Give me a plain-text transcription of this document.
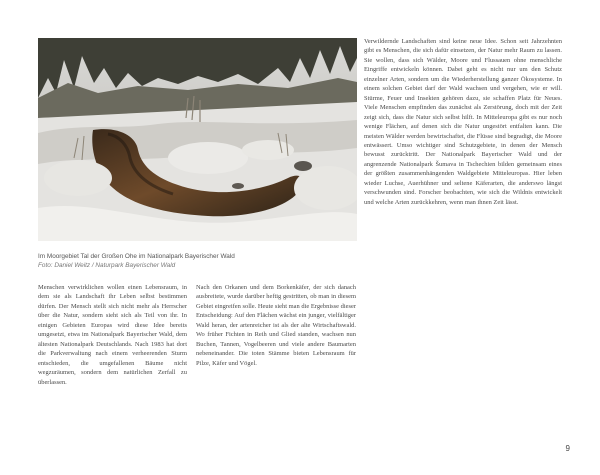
Im Moorgebiet Tal der Großen Ohe im Nationalpark Bayerischer Wald
Foto: Daniel Weitz / Naturpark Bayerischer Wald

Menschen verwirklichen wollen einen Lebensraum, in dem sie als Landschaft ihr Leben selbst bestimmen dürfen. Der Mensch stellt sich nicht mehr als Herrscher über die Natur, sondern sieht sich als Teil von ihr. In einigen Gebieten Europas wird diese Idee bereits umgesetzt, etwa im Nationalpark Bayerischer Wald, dem ältesten Nationalpark Deutschlands. Nach 1983 hat dort die Parkverwaltung nach einem verheerenden Sturm entschieden, die umgefallenen Bäume nicht wegzuräumen, sondern dem natürlichen Zerfall zu überlassen.

Nach den Orkanen und dem Borkenkäfer, der sich danach ausbreitete, wurde darüber heftig gestritten, ob man in diesem Gebiet eingreifen solle. Heute sieht man die Ergebnisse dieser Entscheidung: Auf den Flächen wächst ein junger, vielfältiger Wald heran, der artenreicher ist als der alte Wirtschaftswald. Wo früher Fichten in Reih und Glied standen, wachsen nun Buchen, Tannen, Vogelbeeren und viele andere Baumarten nebeneinander. Die toten Stämme bieten Lebensraum für Pilze, Käfer und Vögel.

Verwildernde Landschaften sind keine neue Idee. Schon seit Jahrzehnten gibt es Menschen, die sich dafür einsetzen, der Natur mehr Raum zu lassen. Sie wollen, dass sich Wälder, Moore und Flussauen ohne menschliche Eingriffe entwickeln können. Dabei geht es nicht nur um den Schutz einzelner Arten, sondern um die Wiederherstellung ganzer Ökosysteme. In einem solchen Gebiet darf der Wald wachsen und vergehen, wie er will. Stürme, Feuer und Insekten gehören dazu, sie schaffen Platz für Neues. Viele Menschen empfinden das zunächst als Zerstörung, doch mit der Zeit zeigt sich, dass die Natur sich selbst hilft. In Mitteleuropa gibt es nur noch wenige Flächen, auf denen sich die Natur ungestört entfalten kann. Die meisten Wälder werden bewirtschaftet, die Flüsse sind begradigt, die Moore entwässert. Umso wichtiger sind Schutzgebiete, in denen der Mensch bewusst zurücktritt. Der Nationalpark Bayerischer Wald und der angrenzende Nationalpark Šumava in Tschechien bilden gemeinsam eines der größten zusammenhängenden Waldgebiete Mitteleuropas. Hier leben wieder Luchse, Auerhühner und seltene Käferarten, die anderswo längst verschwunden sind. Forscher beobachten, wie sich die Wildnis entwickelt und welche Arten zurückkehren, wenn man ihnen Zeit lässt.

9
